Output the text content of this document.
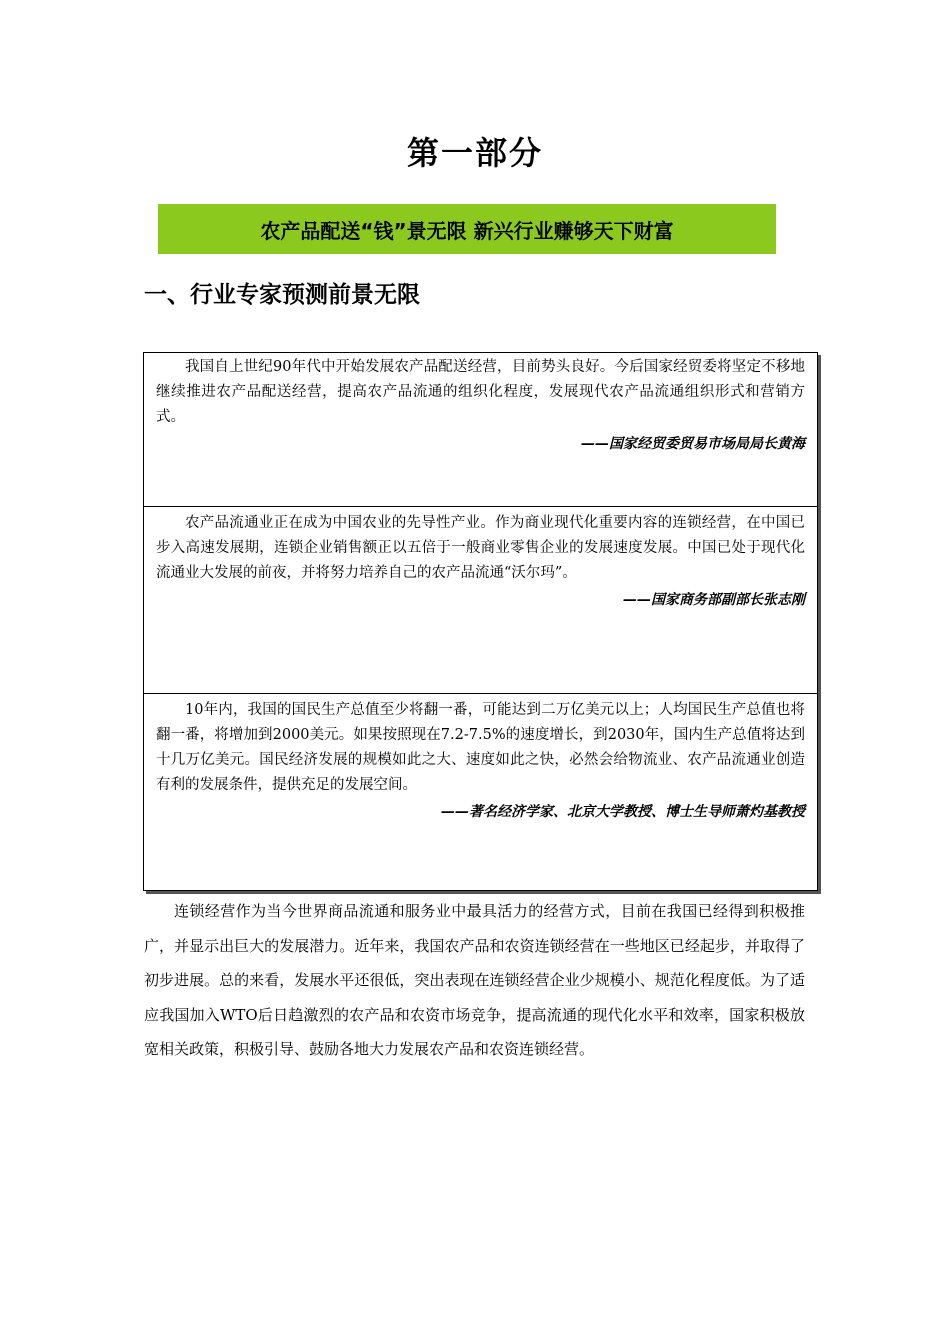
第一部分
农产品配送“钱”景无限 新兴行业赚够天下财富
一、行业专家预测前景无限

我国自上世纪90年代中开始发展农产品配送经营，目前势头良好。今后国家经贸委将坚定不移地继续推进农产品配送经营，提高农产品流通的组织化程度，发展现代农产品流通组织形式和营销方式。

——国家经贸委贸易市场局局长黄海

农产品流通业正在成为中国农业的先导性产业。作为商业现代化重要内容的连锁经营，在中国已步入高速发展期，连锁企业销售额正以五倍于一般商业零售企业的发展速度发展。中国已处于现代化流通业大发展的前夜，并将努力培养自己的农产品流通“沃尔玛”。

——国家商务部副部长张志刚

10年内，我国的国民生产总值至少将翻一番，可能达到二万亿美元以上；人均国民生产总值也将翻一番，将增加到2000美元。如果按照现在7.2-7.5%的速度增长，到2030年，国内生产总值将达到十几万亿美元。国民经济发展的规模如此之大、速度如此之快，必然会给物流业、农产品流通业创造有利的发展条件，提供充足的发展空间。

——著名经济学家、北京大学教授、博士生导师萧灼基教授

连锁经营作为当今世界商品流通和服务业中最具活力的经营方式，目前在我国已经得到积极推广，并显示出巨大的发展潜力。近年来，我国农产品和农资连锁经营在一些地区已经起步，并取得了初步进展。总的来看，发展水平还很低，突出表现在连锁经营企业少规模小、规范化程度低。为了适应我国加入WTO后日趋激烈的农产品和农资市场竞争，提高流通的现代化水平和效率，国家积极放宽相关政策，积极引导、鼓励各地大力发展农产品和农资连锁经营。
